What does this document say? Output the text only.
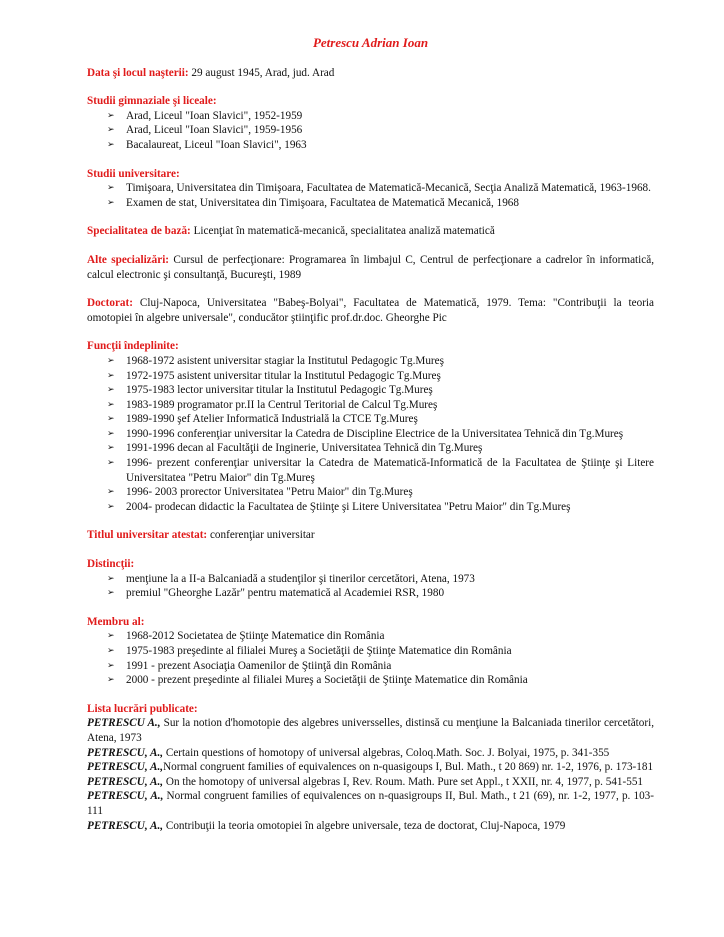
Petrescu Adrian Ioan
Data şi locul naşterii: 29 august 1945, Arad, jud. Arad
Studii gimnaziale şi liceale:
➢ Arad, Liceul "Ioan Slavici", 1952-1959
➢ Arad, Liceul "Ioan Slavici", 1959-1956
➢ Bacalaureat, Liceul "Ioan Slavici", 1963
Studii universitare:
➢ Timişoara, Universitatea din Timişoara, Facultatea de Matematică-Mecanică, Secţia Analiză Matematică, 1963-1968.
➢ Examen de stat, Universitatea din Timişoara, Facultatea de Matematică Mecanică, 1968
Specialitatea de bază: Licenţiat în matematică-mecanică, specialitatea analiză matematică
Alte specializări: Cursul de perfecţionare: Programarea în limbajul C, Centrul de perfecţionare a cadrelor în informatică, calcul electronic şi consultanţă, Bucureşti, 1989
Doctorat: Cluj-Napoca, Universitatea "Babeş-Bolyai", Facultatea de Matematică, 1979. Tema: "Contribuţii la teoria omotopiei în algebre universale", conducător ştiinţific prof.dr.doc. Gheorghe Pic
Funcţii îndeplinite:
➢ 1968-1972 asistent universitar stagiar la Institutul Pedagogic Tg.Mureş
➢ 1972-1975 asistent universitar titular la Institutul Pedagogic Tg.Mureş
➢ 1975-1983 lector universitar titular la Institutul Pedagogic Tg.Mureş
➢ 1983-1989 programator pr.II la Centrul Teritorial de Calcul Tg.Mureş
➢ 1989-1990 şef Atelier Informatică Industrială la CTCE Tg.Mureş
➢ 1990-1996 conferenţiar universitar la Catedra de Discipline Electrice de la Universitatea Tehnică din Tg.Mureş
➢ 1991-1996 decan al Facultăţii de Inginerie, Universitatea Tehnică din Tg.Mureş
➢ 1996- prezent conferenţiar universitar la Catedra de Matematică-Informatică de la Facultatea de Ştiinţe şi Litere Universitatea "Petru Maior" din Tg.Mureş
➢ 1996- 2003 prorector Universitatea "Petru Maior" din Tg.Mureş
➢ 2004- prodecan didactic la Facultatea de Ştiinţe şi Litere Universitatea "Petru Maior" din Tg.Mureş
Titlul universitar atestat: conferenţiar universitar
Distincţii:
➢ menţiune la a II-a Balcaniadă a studenţilor şi tinerilor cercetători, Atena, 1973
➢ premiul "Gheorghe Lazăr" pentru matematică al Academiei RSR, 1980
Membru al:
➢ 1968-2012 Societatea de Ştiinţe Matematice din România
➢ 1975-1983 preşedinte al filialei Mureş a Societăţii de Ştiinţe Matematice din România
➢ 1991 - prezent Asociaţia Oamenilor de Ştiinţă din România
➢ 2000 - prezent preşedinte al filialei Mureş a Societăţii de Ştiinţe Matematice din România
Lista lucrări publicate:
PETRESCU A., Sur la notion d'homotopie des algebres universselles, distinsă cu menţiune la Balcaniada tinerilor cercetători, Atena, 1973
PETRESCU, A., Certain questions of homotopy of universal algebras, Coloq.Math. Soc. J. Bolyai, 1975, p. 341-355
PETRESCU, A.,Normal congruent families of equivalences on n-quasigoups I, Bul. Math., t 20 869) nr. 1-2, 1976, p. 173-181
PETRESCU, A., On the homotopy of universal algebras I, Rev. Roum. Math. Pure set Appl., t XXII, nr. 4, 1977, p. 541-551
PETRESCU, A., Normal congruent families of equivalences on n-quasigroups II, Bul. Math., t 21 (69), nr. 1-2, 1977, p. 103-111
PETRESCU, A., Contribuţii la teoria omotopiei în algebre universale, teza de doctorat, Cluj-Napoca, 1979
